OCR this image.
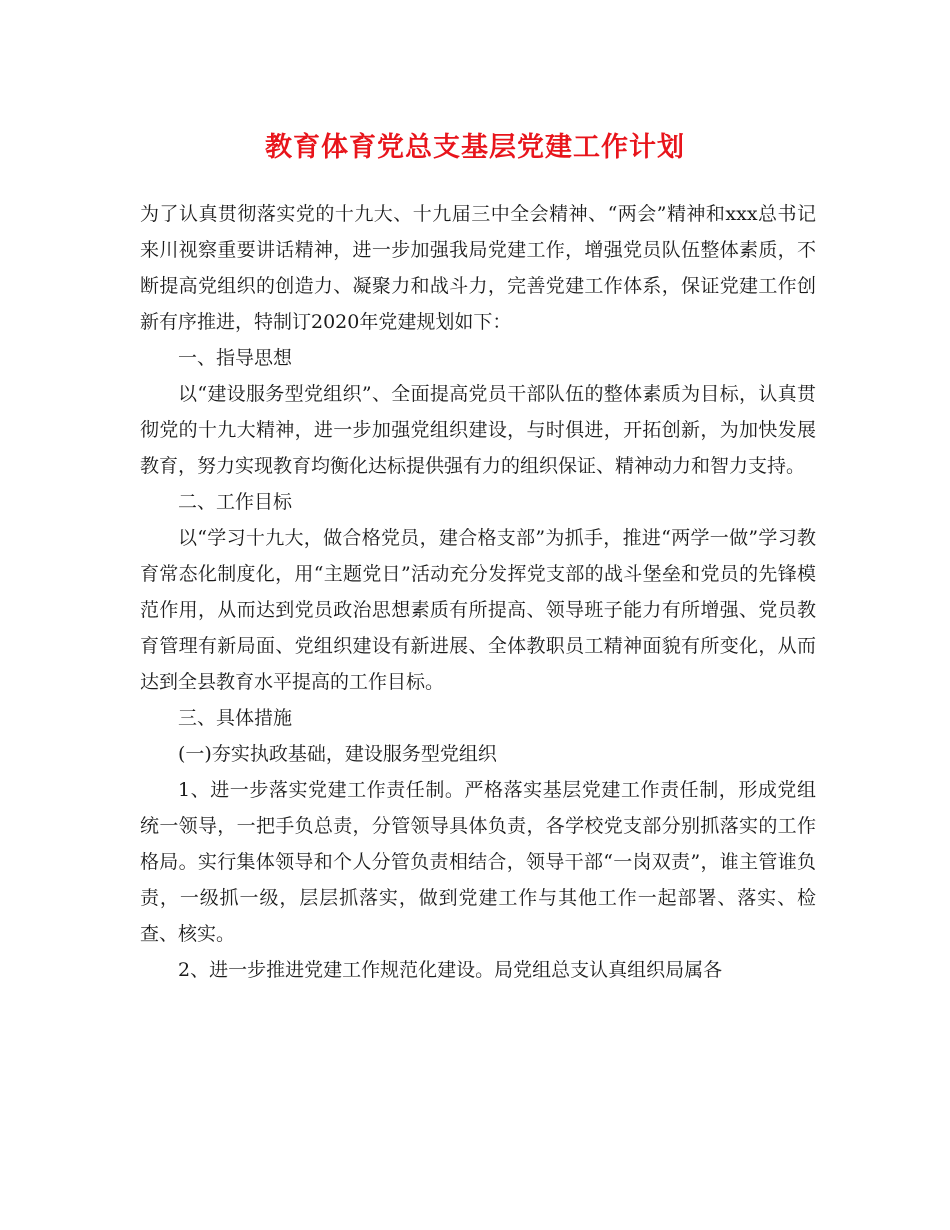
教育体育党总支基层党建工作计划

为了认真贯彻落实党的十九大、十九届三中全会精神、“两会”精神和xxx总书记来川视察重要讲话精神，进一步加强我局党建工作，增强党员队伍整体素质，不断提高党组织的创造力、凝聚力和战斗力，完善党建工作体系，保证党建工作创新有序推进，特制订2020年党建规划如下：

一、指导思想

以“建设服务型党组织”、全面提高党员干部队伍的整体素质为目标，认真贯彻党的十九大精神，进一步加强党组织建设，与时俱进，开拓创新，为加快发展教育，努力实现教育均衡化达标提供强有力的组织保证、精神动力和智力支持。

二、工作目标

以“学习十九大，做合格党员，建合格支部”为抓手，推进“两学一做”学习教育常态化制度化，用“主题党日”活动充分发挥党支部的战斗堡垒和党员的先锋模范作用，从而达到党员政治思想素质有所提高、领导班子能力有所增强、党员教育管理有新局面、党组织建设有新进展、全体教职员工精神面貌有所变化，从而达到全县教育水平提高的工作目标。

三、具体措施

(一)夯实执政基础，建设服务型党组织

1、进一步落实党建工作责任制。严格落实基层党建工作责任制，形成党组统一领导，一把手负总责，分管领导具体负责，各学校党支部分别抓落实的工作格局。实行集体领导和个人分管负责相结合，领导干部“一岗双责”，谁主管谁负责，一级抓一级，层层抓落实，做到党建工作与其他工作一起部署、落实、检查、核实。

2、进一步推进党建工作规范化建设。局党组总支认真组织局属各
